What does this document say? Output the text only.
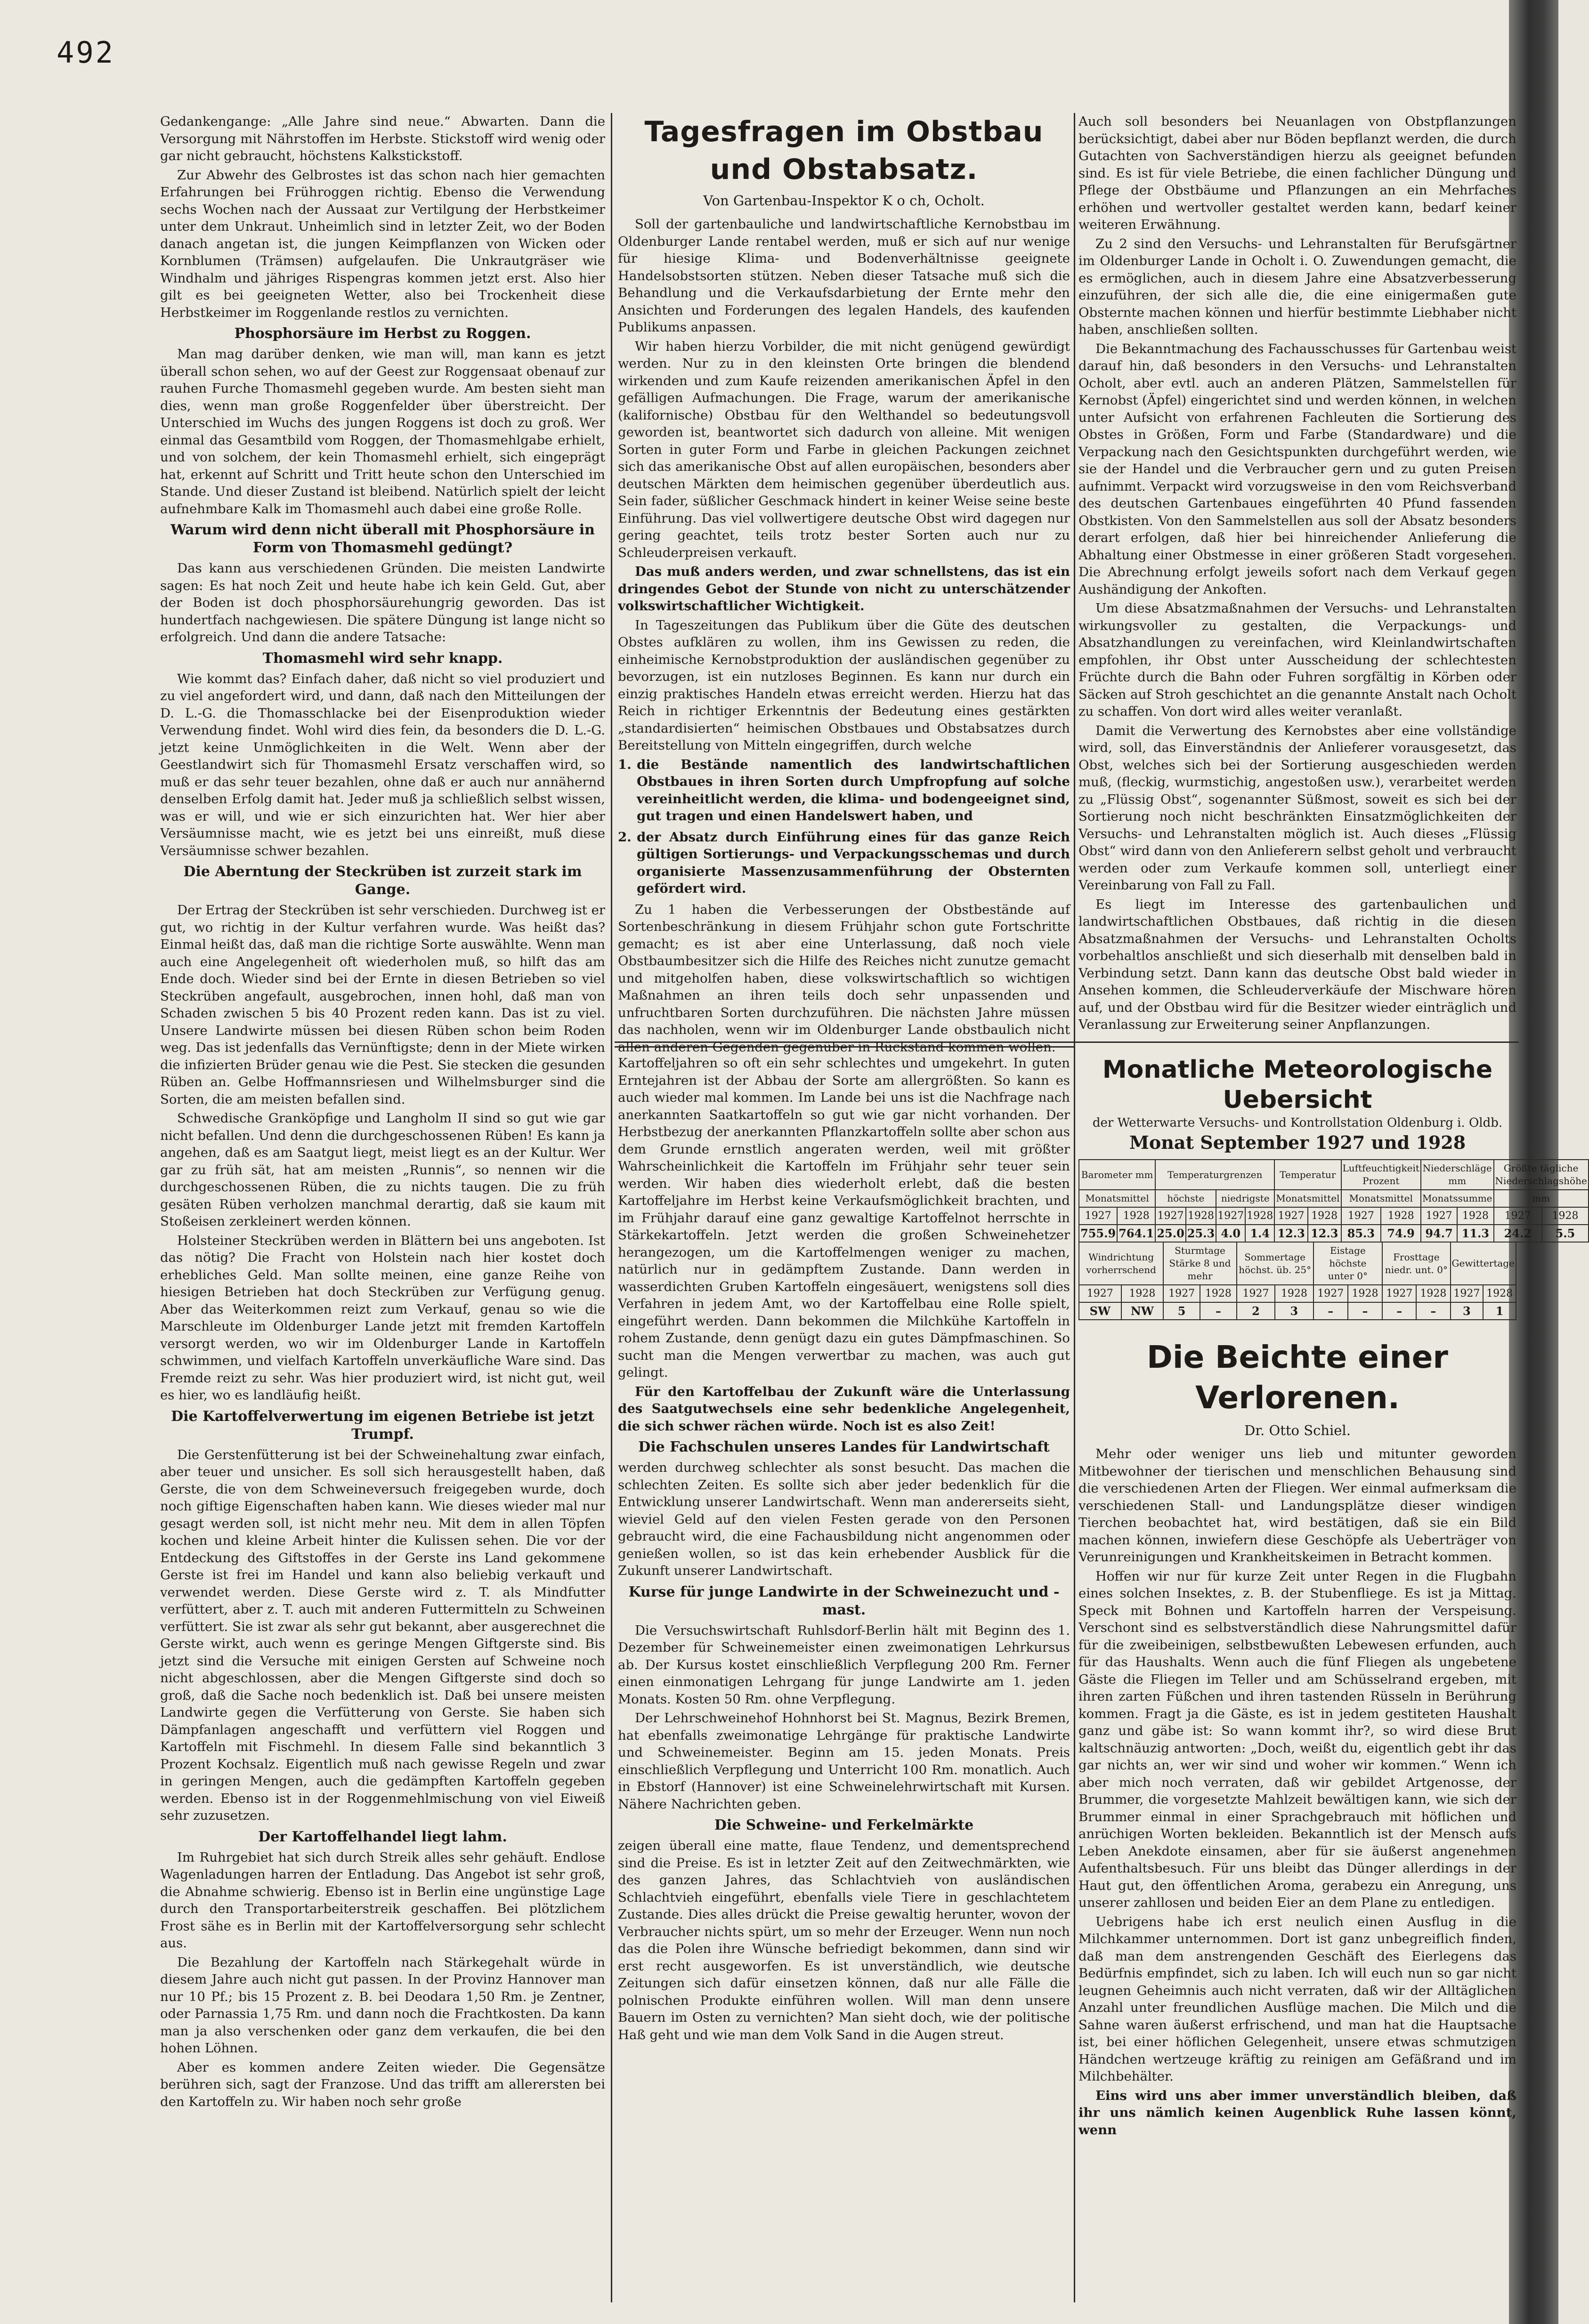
492

Gedankengange: „Alle Jahre sind neue.“ Abwarten. Dann die Versorgung mit Nährstoffen im Herbste. Stickstoff wird wenig oder gar nicht gebraucht, höchstens Kalkstickstoff.

Zur Abwehr des Gelbrostes ist das schon nach hier gemachten Erfahrungen bei Frühroggen richtig. Ebenso die Verwendung sechs Wochen nach der Aussaat zur Vertilgung der Herbstkeimer unter dem Unkraut. Unheimlich sind in letzter Zeit, wo der Boden danach angetan ist, die jungen Keimpflanzen von Wicken oder Kornblumen (Trämsen) aufgelaufen. Die Unkrautgräser wie Windhalm und jähriges Rispengras kommen jetzt erst. Also hier gilt es bei geeigneten Wetter, also bei Trockenheit diese Herbstkeimer im Roggenlande restlos zu vernichten.

Phosphorsäure im Herbst zu Roggen.

Man mag darüber denken, wie man will, man kann es jetzt überall schon sehen, wo auf der Geest zur Roggensaat obenauf zur rauhen Furche Thomasmehl gegeben wurde. Am besten sieht man dies, wenn man große Roggenfelder über überstreicht. Der Unterschied im Wuchs des jungen Roggens ist doch zu groß. Wer einmal das Gesamtbild vom Roggen, der Thomasmehlgabe erhielt, und von solchem, der kein Thomasmehl erhielt, sich eingeprägt hat, erkennt auf Schritt und Tritt heute schon den Unterschied im Stande. Und dieser Zustand ist bleibend. Natürlich spielt der leicht aufnehmbare Kalk im Thomasmehl auch dabei eine große Rolle.

Warum wird denn nicht überall mit Phosphorsäure in Form von Thomasmehl gedüngt?

Das kann aus verschiedenen Gründen. Die meisten Landwirte sagen: Es hat noch Zeit und heute habe ich kein Geld. Gut, aber der Boden ist doch phosphorsäurehungrig geworden. Das ist hundertfach nachgewiesen. Die spätere Düngung ist lange nicht so erfolgreich. Und dann die andere Tatsache:

Thomasmehl wird sehr knapp.

Wie kommt das? Einfach daher, daß nicht so viel produziert und zu viel angefordert wird, und dann, daß nach den Mitteilungen der D. L.-G. die Thomasschlacke bei der Eisenproduktion wieder Verwendung findet. Wohl wird dies fein, da besonders die D. L.-G. jetzt keine Unmöglichkeiten in die Welt. Wenn aber der Geestlandwirt sich für Thomasmehl Ersatz verschaffen wird, so muß er das sehr teuer bezahlen, ohne daß er auch nur annähernd denselben Erfolg damit hat. Jeder muß ja schließlich selbst wissen, was er will, und wie er sich einzurichten hat. Wer hier aber Versäumnisse macht, wie es jetzt bei uns einreißt, muß diese Versäumnisse schwer bezahlen.

Die Aberntung der Steckrüben ist zurzeit stark im Gange.

Der Ertrag der Steckrüben ist sehr verschieden. Durchweg ist er gut, wo richtig in der Kultur verfahren wurde. Was heißt das? Einmal heißt das, daß man die richtige Sorte auswählte. Wenn man auch eine Angelegenheit oft wiederholen muß, so hilft das am Ende doch. Wieder sind bei der Ernte in diesen Betrieben so viel Steckrüben angefault, ausgebrochen, innen hohl, daß man von Schaden zwischen 5 bis 40 Prozent reden kann. Das ist zu viel. Unsere Landwirte müssen bei diesen Rüben schon beim Roden weg. Das ist jedenfalls das Vernünftigste; denn in der Miete wirken die infizierten Brüder genau wie die Pest. Sie stecken die gesunden Rüben an. Gelbe Hoffmannsriesen und Wilhelmsburger sind die Sorten, die am meisten befallen sind.

Schwedische Granköpfige und Langholm II sind so gut wie gar nicht befallen. Und denn die durchgeschossenen Rüben! Es kann ja angehen, daß es am Saatgut liegt, meist liegt es an der Kultur. Wer gar zu früh sät, hat am meisten „Runnis“, so nennen wir die durchgeschossenen Rüben, die zu nichts taugen. Die zu früh gesäten Rüben verholzen manchmal derartig, daß sie kaum mit Stoßeisen zerkleinert werden können.

Holsteiner Steckrüben werden in Blättern bei uns angeboten. Ist das nötig? Die Fracht von Holstein nach hier kostet doch erhebliches Geld. Man sollte meinen, eine ganze Reihe von hiesigen Betrieben hat doch Steckrüben zur Verfügung genug. Aber das Weiterkommen reizt zum Verkauf, genau so wie die Marschleute im Oldenburger Lande jetzt mit fremden Kartoffeln versorgt werden, wo wir im Oldenburger Lande in Kartoffeln schwimmen, und vielfach Kartoffeln unverkäufliche Ware sind. Das Fremde reizt zu sehr. Was hier produziert wird, ist nicht gut, weil es hier, wo es landläufig heißt.

Die Kartoffelverwertung im eigenen Betriebe ist jetzt Trumpf.

Die Gerstenfütterung ist bei der Schweinehaltung zwar einfach, aber teuer und unsicher. Es soll sich herausgestellt haben, daß Gerste, die von dem Schweineversuch freigegeben wurde, doch noch giftige Eigenschaften haben kann. Wie dieses wieder mal nur gesagt werden soll, ist nicht mehr neu. Mit dem in allen Töpfen kochen und kleine Arbeit hinter die Kulissen sehen. Die vor der Entdeckung des Giftstoffes in der Gerste ins Land gekommene Gerste ist frei im Handel und kann also beliebig verkauft und verwendet werden. Diese Gerste wird z. T. als Mindfutter verfüttert, aber z. T. auch mit anderen Futtermitteln zu Schweinen verfüttert. Sie ist zwar als sehr gut bekannt, aber ausgerechnet die Gerste wirkt, auch wenn es geringe Mengen Giftgerste sind. Bis jetzt sind die Versuche mit einigen Gersten auf Schweine noch nicht abgeschlossen, aber die Mengen Giftgerste sind doch so groß, daß die Sache noch bedenklich ist. Daß bei unsere meisten Landwirte gegen die Verfütterung von Gerste. Sie haben sich Dämpfanlagen angeschafft und verfüttern viel Roggen und Kartoffeln mit Fischmehl. In diesem Falle sind bekanntlich 3 Prozent Kochsalz. Eigentlich muß nach gewisse Regeln und zwar in geringen Mengen, auch die gedämpften Kartoffeln gegeben werden. Ebenso ist in der Roggenmehlmischung von viel Eiweiß sehr zuzusetzen.

Der Kartoffelhandel liegt lahm.

Im Ruhrgebiet hat sich durch Streik alles sehr gehäuft. Endlose Wagenladungen harren der Entladung. Das Angebot ist sehr groß, die Abnahme schwierig. Ebenso ist in Berlin eine ungünstige Lage durch den Transportarbeiterstreik geschaffen. Bei plötzlichem Frost sähe es in Berlin mit der Kartoffelversorgung sehr schlecht aus.

Die Bezahlung der Kartoffeln nach Stärkegehalt würde in diesem Jahre auch nicht gut passen. In der Provinz Hannover man nur 10 Pf.; bis 15 Prozent z. B. bei Deodara 1,50 Rm. je Zentner, oder Parnassia 1,75 Rm. und dann noch die Frachtkosten. Da kann man ja also verschenken oder ganz dem verkaufen, die bei den hohen Löhnen.

Aber es kommen andere Zeiten wieder. Die Gegensätze berühren sich, sagt der Franzose. Und das trifft am allerersten bei den Kartoffeln zu. Wir haben noch sehr große

Tagesfragen im Obstbau und Obstabsatz.
Von Gartenbau-Inspektor K o ch, Ocholt.

Soll der gartenbauliche und landwirtschaftliche Kernobstbau im Oldenburger Lande rentabel werden, muß er sich auf nur wenige für hiesige Klima- und Bodenverhältnisse geeignete Handelsobstsorten stützen. Neben dieser Tatsache muß sich die Behandlung und die Verkaufsdarbietung der Ernte mehr den Ansichten und Forderungen des legalen Handels, des kaufenden Publikums anpassen.

Wir haben hierzu Vorbilder, die mit nicht genügend gewürdigt werden. Nur zu in den kleinsten Orte bringen die blendend wirkenden und zum Kaufe reizenden amerikanischen Äpfel in den gefälligen Aufmachungen. Die Frage, warum der amerikanische (kalifornische) Obstbau für den Welthandel so bedeutungsvoll geworden ist, beantwortet sich dadurch von alleine. Mit wenigen Sorten in guter Form und Farbe in gleichen Packungen zeichnet sich das amerikanische Obst auf allen europäischen, besonders aber deutschen Märkten dem heimischen gegenüber überdeutlich aus. Sein fader, süßlicher Geschmack hindert in keiner Weise seine beste Einführung. Das viel vollwertigere deutsche Obst wird dagegen nur gering geachtet, teils trotz bester Sorten auch nur zu Schleuderpreisen verkauft.

Das muß anders werden, und zwar schnellstens, das ist ein dringendes Gebot der Stunde von nicht zu unterschätzender volkswirtschaftlicher Wichtigkeit.

In Tageszeitungen das Publikum über die Güte des deutschen Obstes aufklären zu wollen, ihm ins Gewissen zu reden, die einheimische Kernobstproduktion der ausländischen gegenüber zu bevorzugen, ist ein nutzloses Beginnen. Es kann nur durch ein einzig praktisches Handeln etwas erreicht werden. Hierzu hat das Reich in richtiger Erkenntnis der Bedeutung eines gestärkten „standardisierten“ heimischen Obstbaues und Obstabsatzes durch Bereitstellung von Mitteln eingegriffen, durch welche

1. die Bestände namentlich des landwirtschaftlichen Obstbaues in ihren Sorten durch Umpfropfung auf solche vereinheitlicht werden, die klima- und bodengeeignet sind, gut tragen und einen Handelswert haben, und

2. der Absatz durch Einführung eines für das ganze Reich gültigen Sortierungs- und Verpackungsschemas und durch organisierte Massenzusammenführung der Obsternten gefördert wird.

Zu 1 haben die Verbesserungen der Obstbestände auf Sortenbeschränkung in diesem Frühjahr schon gute Fortschritte gemacht; es ist aber eine Unterlassung, daß noch viele Obstbaumbesitzer sich die Hilfe des Reiches nicht zunutze gemacht und mitgeholfen haben, diese volkswirtschaftlich so wichtigen Maßnahmen an ihren teils doch sehr unpassenden und unfruchtbaren Sorten durchzuführen. Die nächsten Jahre müssen das nachholen, wenn wir im Oldenburger Lande obstbaulich nicht allen anderen Gegenden gegenüber in Rückstand kommen wollen.

Kartoffeljahren so oft ein sehr schlechtes und umgekehrt. In guten Erntejahren ist der Abbau der Sorte am allergrößten. So kann es auch wieder mal kommen. Im Lande bei uns ist die Nachfrage nach anerkannten Saatkartoffeln so gut wie gar nicht vorhanden. Der Herbstbezug der anerkannten Pflanzkartoffeln sollte aber schon aus dem Grunde ernstlich angeraten werden, weil mit größter Wahrscheinlichkeit die Kartoffeln im Frühjahr sehr teuer sein werden. Wir haben dies wiederholt erlebt, daß die besten Kartoffeljahre im Herbst keine Verkaufsmöglichkeit brachten, und im Frühjahr darauf eine ganz gewaltige Kartoffelnot herrschte in Stärkekartoffeln. Jetzt werden die großen Schweinehetzer herangezogen, um die Kartoffelmengen weniger zu machen, natürlich nur in gedämpftem Zustande. Dann werden in wasserdichten Gruben Kartoffeln eingesäuert, wenigstens soll dies Verfahren in jedem Amt, wo der Kartoffelbau eine Rolle spielt, eingeführt werden. Dann bekommen die Milchkühe Kartoffeln in rohem Zustande, denn genügt dazu ein gutes Dämpfmaschinen. So sucht man die Mengen verwertbar zu machen, was auch gut gelingt.

Für den Kartoffelbau der Zukunft wäre die Unterlassung des Saatgutwechsels eine sehr bedenkliche Angelegenheit, die sich schwer rächen würde. Noch ist es also Zeit!

Die Fachschulen unseres Landes für Landwirtschaft

werden durchweg schlechter als sonst besucht. Das machen die schlechten Zeiten. Es sollte sich aber jeder bedenklich für die Entwicklung unserer Landwirtschaft. Wenn man andererseits sieht, wieviel Geld auf den vielen Festen gerade von den Personen gebraucht wird, die eine Fachausbildung nicht angenommen oder genießen wollen, so ist das kein erhebender Ausblick für die Zukunft unserer Landwirtschaft.

Kurse für junge Landwirte in der Schweinezucht und -mast.

Die Versuchswirtschaft Ruhlsdorf-Berlin hält mit Beginn des 1. Dezember für Schweinemeister einen zweimonatigen Lehrkursus ab. Der Kursus kostet einschließlich Verpflegung 200 Rm. Ferner einen einmonatigen Lehrgang für junge Landwirte am 1. jeden Monats. Kosten 50 Rm. ohne Verpflegung.

Der Lehrschweinehof Hohnhorst bei St. Magnus, Bezirk Bremen, hat ebenfalls zweimonatige Lehrgänge für praktische Landwirte und Schweinemeister. Beginn am 15. jeden Monats. Preis einschließlich Verpflegung und Unterricht 100 Rm. monatlich. Auch in Ebstorf (Hannover) ist eine Schweinelehrwirtschaft mit Kursen. Nähere Nachrichten geben.

Die Schweine- und Ferkelmärkte

zeigen überall eine matte, flaue Tendenz, und dementsprechend sind die Preise. Es ist in letzter Zeit auf den Zeitwechmärkten, wie des ganzen Jahres, das Schlachtvieh von ausländischen Schlachtvieh eingeführt, ebenfalls viele Tiere in geschlachtetem Zustande. Dies alles drückt die Preise gewaltig herunter, wovon der Verbraucher nichts spürt, um so mehr der Erzeuger. Wenn nun noch das die Polen ihre Wünsche befriedigt bekommen, dann sind wir erst recht ausgeworfen. Es ist unverständlich, wie deutsche Zeitungen sich dafür einsetzen können, daß nur alle Fälle die polnischen Produkte einführen wollen. Will man denn unsere Bauern im Osten zu vernichten? Man sieht doch, wie der politische Haß geht und wie man dem Volk Sand in die Augen streut.

Auch soll besonders bei Neuanlagen von Obstpflanzungen berücksichtigt, dabei aber nur Böden bepflanzt werden, die durch Gutachten von Sachverständigen hierzu als geeignet befunden sind. Es ist für viele Betriebe, die einen fachlicher Düngung und Pflege der Obstbäume und Pflanzungen an ein Mehrfaches erhöhen und wertvoller gestaltet werden kann, bedarf keiner weiteren Erwähnung.

Zu 2 sind den Versuchs- und Lehranstalten für Berufsgärtner im Oldenburger Lande in Ocholt i. O. Zuwendungen gemacht, die es ermöglichen, auch in diesem Jahre eine Absatzverbesserung einzuführen, der sich alle die, die eine einigermaßen gute Obsternte machen können und hierfür bestimmte Liebhaber nicht haben, anschließen sollten.

Die Bekanntmachung des Fachausschusses für Gartenbau weist darauf hin, daß besonders in den Versuchs- und Lehranstalten Ocholt, aber evtl. auch an anderen Plätzen, Sammelstellen für Kernobst (Äpfel) eingerichtet sind und werden können, in welchen unter Aufsicht von erfahrenen Fachleuten die Sortierung des Obstes in Größen, Form und Farbe (Standardware) und die Verpackung nach den Gesichtspunkten durchgeführt werden, wie sie der Handel und die Verbraucher gern und zu guten Preisen aufnimmt. Verpackt wird vorzugsweise in den vom Reichsverband des deutschen Gartenbaues eingeführten 40 Pfund fassenden Obstkisten. Von den Sammelstellen aus soll der Absatz besonders derart erfolgen, daß hier bei hinreichender Anlieferung die Abhaltung einer Obstmesse in einer größeren Stadt vorgesehen. Die Abrechnung erfolgt jeweils sofort nach dem Verkauf gegen Aushändigung der Ankoften.

Um diese Absatzmaßnahmen der Versuchs- und Lehranstalten wirkungsvoller zu gestalten, die Verpackungs- und Absatzhandlungen zu vereinfachen, wird Kleinlandwirtschaften empfohlen, ihr Obst unter Ausscheidung der schlechtesten Früchte durch die Bahn oder Fuhren sorgfältig in Körben oder Säcken auf Stroh geschichtet an die genannte Anstalt nach Ocholt zu schaffen. Von dort wird alles weiter veranlaßt.

Damit die Verwertung des Kernobstes aber eine vollständige wird, soll, das Einverständnis der Anlieferer vorausgesetzt, das Obst, welches sich bei der Sortierung ausgeschieden werden muß, (fleckig, wurmstichig, angestoßen usw.), verarbeitet werden zu „Flüssig Obst“, sogenannter Süßmost, soweit es sich bei der Sortierung noch nicht beschränkten Einsatzmöglichkeiten der Versuchs- und Lehranstalten möglich ist. Auch dieses „Flüssig Obst“ wird dann von den Anlieferern selbst geholt und verbraucht werden oder zum Verkaufe kommen soll, unterliegt einer Vereinbarung von Fall zu Fall.

Es liegt im Interesse des gartenbaulichen und landwirtschaftlichen Obstbaues, daß richtig in die diesen Absatzmaßnahmen der Versuchs- und Lehranstalten Ocholts vorbehaltlos anschließt und sich dieserhalb mit denselben bald in Verbindung setzt. Dann kann das deutsche Obst bald wieder in Ansehen kommen, die Schleuderverkäufe der Mischware hören auf, und der Obstbau wird für die Besitzer wieder einträglich und Veranlassung zur Erweiterung seiner Anpflanzungen.

Monatliche Meteorologische Uebersicht
der Wetterwarte Versuchs- und Kontrollstation Oldenburg i. Oldb.
Monat September 1927 und 1928
Barometer mm		Temperaturgrenzen				Temperatur		Luftfeuchtigkeit Prozent		Niederschläge mm		Größte tägliche Niederschlagshöhe	
Monatsmittel		höchste		niedrigste		Monatsmittel		Monatsmittel		Monatssumme		mm	
1927	1928	1927	1928	1927	1928	1927	1928	1927	1928	1927	1928	1927	1928
755.9	764.1	25.0	25.3	4.0	1.4	12.3	12.3	85.3	74.9	94.7	11.3	24.2	5.5
Windrichtung vorherrschend		Sturmtage Stärke 8 und mehr		Sommertage höchst. üb. 25°		Eistage höchste unter 0°		Frosttage niedr. unt. 0°		Gewittertage	
1927	1928	1927	1928	1927	1928	1927	1928	1927	1928	1927	1928
SW	NW	5	–	2	3	–	–	–	–	3	1
Die Beichte einer Verlorenen.
Dr. Otto Schiel.

Mehr oder weniger uns lieb und mitunter geworden Mitbewohner der tierischen und menschlichen Behausung sind die verschiedenen Arten der Fliegen. Wer einmal aufmerksam die verschiedenen Stall- und Landungsplätze dieser windigen Tierchen beobachtet hat, wird bestätigen, daß sie ein Bild machen können, inwiefern diese Geschöpfe als Ueberträger von Verunreinigungen und Krankheitskeimen in Betracht kommen.

Hoffen wir nur für kurze Zeit unter Regen in die Flugbahn eines solchen Insektes, z. B. der Stubenfliege. Es ist ja Mittag. Speck mit Bohnen und Kartoffeln harren der Verspeisung. Verschont sind es selbstverständlich diese Nahrungsmittel dafür für die zweibeinigen, selbstbewußten Lebewesen erfunden, auch für das Haushalts. Wenn auch die fünf Fliegen als ungebetene Gäste die Fliegen im Teller und am Schüsselrand ergeben, mit ihren zarten Füßchen und ihren tastenden Rüsseln in Berührung kommen. Fragt ja die Gäste, es ist in jedem gestiteten Haushalt ganz und gäbe ist: So wann kommt ihr?, so wird diese Brut kaltschnäuzig antworten: „Doch, weißt du, eigentlich gebt ihr das gar nichts an, wer wir sind und woher wir kommen.“ Wenn ich aber mich noch verraten, daß wir gebildet Artgenosse, der Brummer, die vorgesetzte Mahlzeit bewältigen kann, wie sich der Brummer einmal in einer Sprachgebrauch mit höflichen und anrüchigen Worten bekleiden. Bekanntlich ist der Mensch aufs Leben Anekdote einsamen, aber für sie äußerst angenehmen Aufenthaltsbesuch. Für uns bleibt das Dünger allerdings in der Haut gut, den öffentlichen Aroma, gerabezu ein Anregung, uns unserer zahllosen und beiden Eier an dem Plane zu entledigen.

Uebrigens habe ich erst neulich einen Ausflug in die Milchkammer unternommen. Dort ist ganz unbegreiflich finden, daß man dem anstrengenden Geschäft des Eierlegens das Bedürfnis empfindet, sich zu laben. Ich will euch nun so gar nicht leugnen Geheimnis auch nicht verraten, daß wir der Alltäglichen Anzahl unter freundlichen Ausflüge machen. Die Milch und die Sahne waren äußerst erfrischend, und man hat die Hauptsache ist, bei einer höflichen Gelegenheit, unsere etwas schmutzigen Händchen wertzeuge kräftig zu reinigen am Gefäßrand und im Milchbehälter.

Eins wird uns aber immer unverständlich bleiben, daß ihr uns nämlich keinen Augenblick Ruhe lassen könnt, wenn
